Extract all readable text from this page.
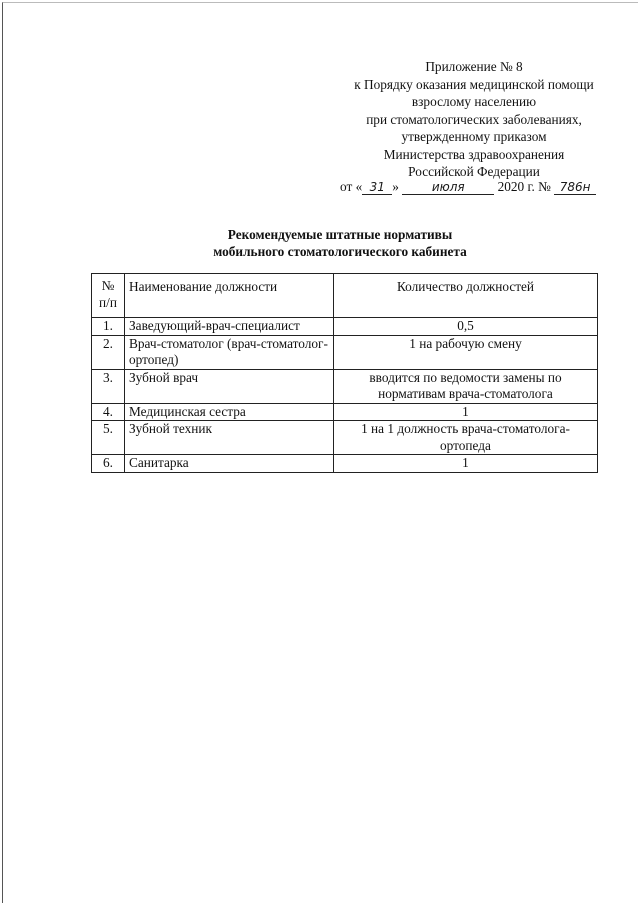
Приложение № 8
к Порядку оказания медицинской помощи
взрослому населению
при стоматологических заболеваниях,
утвержденному приказом
Министерства здравоохранения
Российской Федерации
от « 31 »	июля 2020 г. № 786н
Рекомендуемые штатные нормативы
мобильного стоматологического кабинета
№ п/п	Наименование должности	Количество должностей
1.	Заведующий-врач-специалист	0,5
2.	Врач-стоматолог (врач-стоматолог-ортопед)	1 на рабочую смену
3.	Зубной врач	вводится по ведомости замены по нормативам врача-стоматолога
4.	Медицинская сестра	1
5.	Зубной техник	1 на 1 должность врача-стоматолога-ортопеда
6.	Санитарка	1
